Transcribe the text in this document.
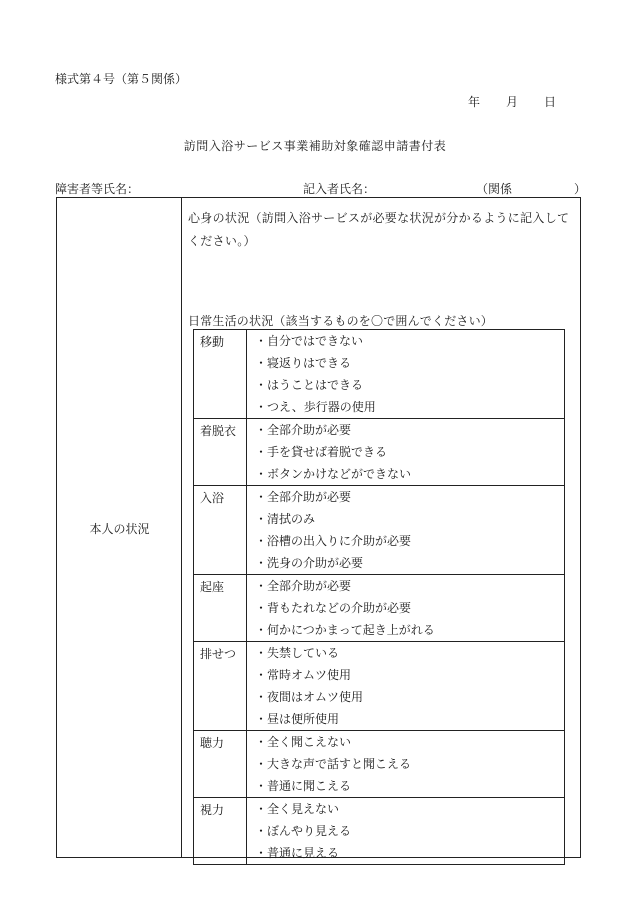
様式第４号（第５関係）
年 月 日
訪問入浴サービス事業補助対象確認申請書付表
障害者等氏名：	記入者氏名：	（関係	）
本人の状況
心身の状況（訪問入浴サービスが必要な状況が分かるように記入してください。）
日常生活の状況（該当するものを〇で囲んでください）
移動	・自分ではできない
・寝返りはできる
・はうことはできる
・つえ、歩行器の使用

着脱衣	・全部介助が必要
・手を貸せば着脱できる
・ボタンかけなどができない

入浴	・全部介助が必要
・清拭のみ
・浴槽の出入りに介助が必要
・洗身の介助が必要

起座	・全部介助が必要
・背もたれなどの介助が必要
・何かにつかまって起き上がれる

排せつ	・失禁している
・常時オムツ使用
・夜間はオムツ使用
・昼は便所使用

聴力	・全く聞こえない
・大きな声で話すと聞こえる
・普通に聞こえる

視力	・全く見えない
・ぼんやり見える
・普通に見える
